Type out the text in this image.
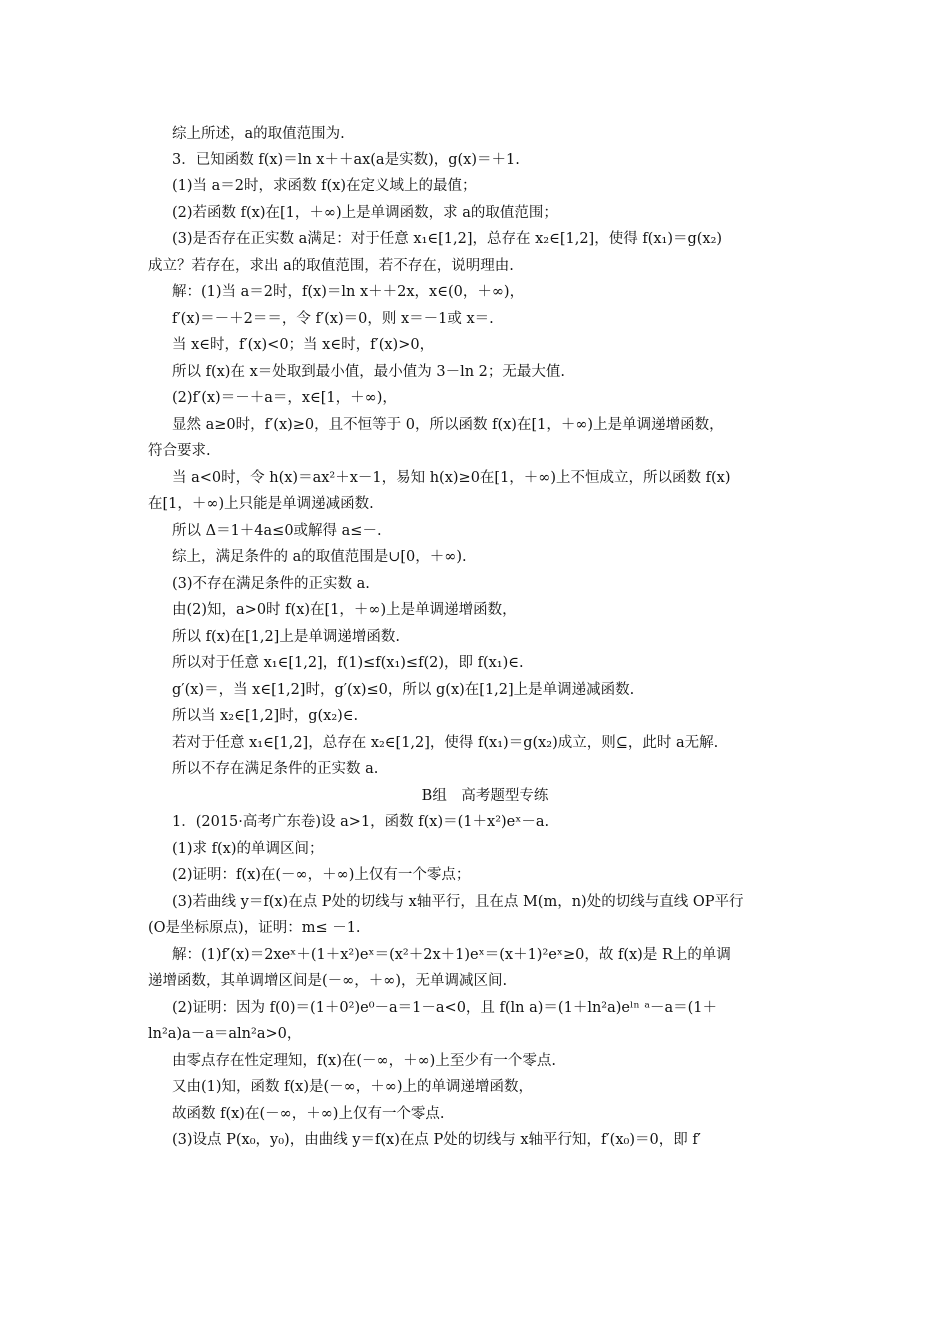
综上所述，a的取值范围为.
3．已知函数 f(x)＝ln x＋＋ax(a是实数)，g(x)＝＋1.
(1)当 a＝2时，求函数 f(x)在定义域上的最值；
(2)若函数 f(x)在[1，＋∞)上是单调函数，求 a的取值范围；
(3)是否存在正实数 a满足：对于任意 x₁∈[1,2]，总存在 x₂∈[1,2]，使得 f(x₁)＝g(x₂)
成立？若存在，求出 a的取值范围，若不存在，说明理由.
解：(1)当 a＝2时，f(x)＝ln x＋＋2x，x∈(0，＋∞)，
f′(x)＝－＋2＝＝，令 f′(x)＝0，则 x＝－1或 x＝.
当 x∈时，f′(x)<0；当 x∈时，f′(x)>0，
所以 f(x)在 x＝处取到最小值，最小值为 3－ln 2；无最大值.
(2)f′(x)＝－＋a＝，x∈[1，＋∞)，
显然 a≥0时，f′(x)≥0，且不恒等于 0，所以函数 f(x)在[1，＋∞)上是单调递增函数，
符合要求.
当 a<0时，令 h(x)＝ax²＋x－1，易知 h(x)≥0在[1，＋∞)上不恒成立，所以函数 f(x)
在[1，＋∞)上只能是单调递减函数.
所以 Δ＝1＋4a≤0或解得 a≤－.
综上，满足条件的 a的取值范围是∪[0，＋∞).
(3)不存在满足条件的正实数 a.
由(2)知，a>0时 f(x)在[1，＋∞)上是单调递增函数，
所以 f(x)在[1,2]上是单调递增函数.
所以对于任意 x₁∈[1,2]，f(1)≤f(x₁)≤f(2)，即 f(x₁)∈.
g′(x)＝，当 x∈[1,2]时，g′(x)≤0，所以 g(x)在[1,2]上是单调递减函数.
所以当 x₂∈[1,2]时，g(x₂)∈.
若对于任意 x₁∈[1,2]，总存在 x₂∈[1,2]，使得 f(x₁)＝g(x₂)成立，则⊆，此时 a无解.
所以不存在满足条件的正实数 a.
B组　高考题型专练
1．(2015·高考广东卷)设 a>1，函数 f(x)＝(1＋x²)eˣ－a.
(1)求 f(x)的单调区间；
(2)证明：f(x)在(－∞，＋∞)上仅有一个零点；
(3)若曲线 y＝f(x)在点 P处的切线与 x轴平行，且在点 M(m，n)处的切线与直线 OP平行
(O是坐标原点)，证明：m≤ －1.
解：(1)f′(x)＝2xeˣ＋(1＋x²)eˣ＝(x²＋2x＋1)eˣ＝(x＋1)²eˣ≥0，故 f(x)是 R上的单调
递增函数，其单调增区间是(－∞，＋∞)，无单调减区间.
(2)证明：因为 f(0)＝(1＋0²)e⁰－a＝1－a<0，且 f(ln a)＝(1＋ln²a)eˡⁿ ᵃ－a＝(1＋
ln²a)a－a＝aln²a>0，
由零点存在性定理知，f(x)在(－∞，＋∞)上至少有一个零点.
又由(1)知，函数 f(x)是(－∞，＋∞)上的单调递增函数，
故函数 f(x)在(－∞，＋∞)上仅有一个零点.
(3)设点 P(x₀，y₀)，由曲线 y＝f(x)在点 P处的切线与 x轴平行知，f′(x₀)＝0，即 f′
